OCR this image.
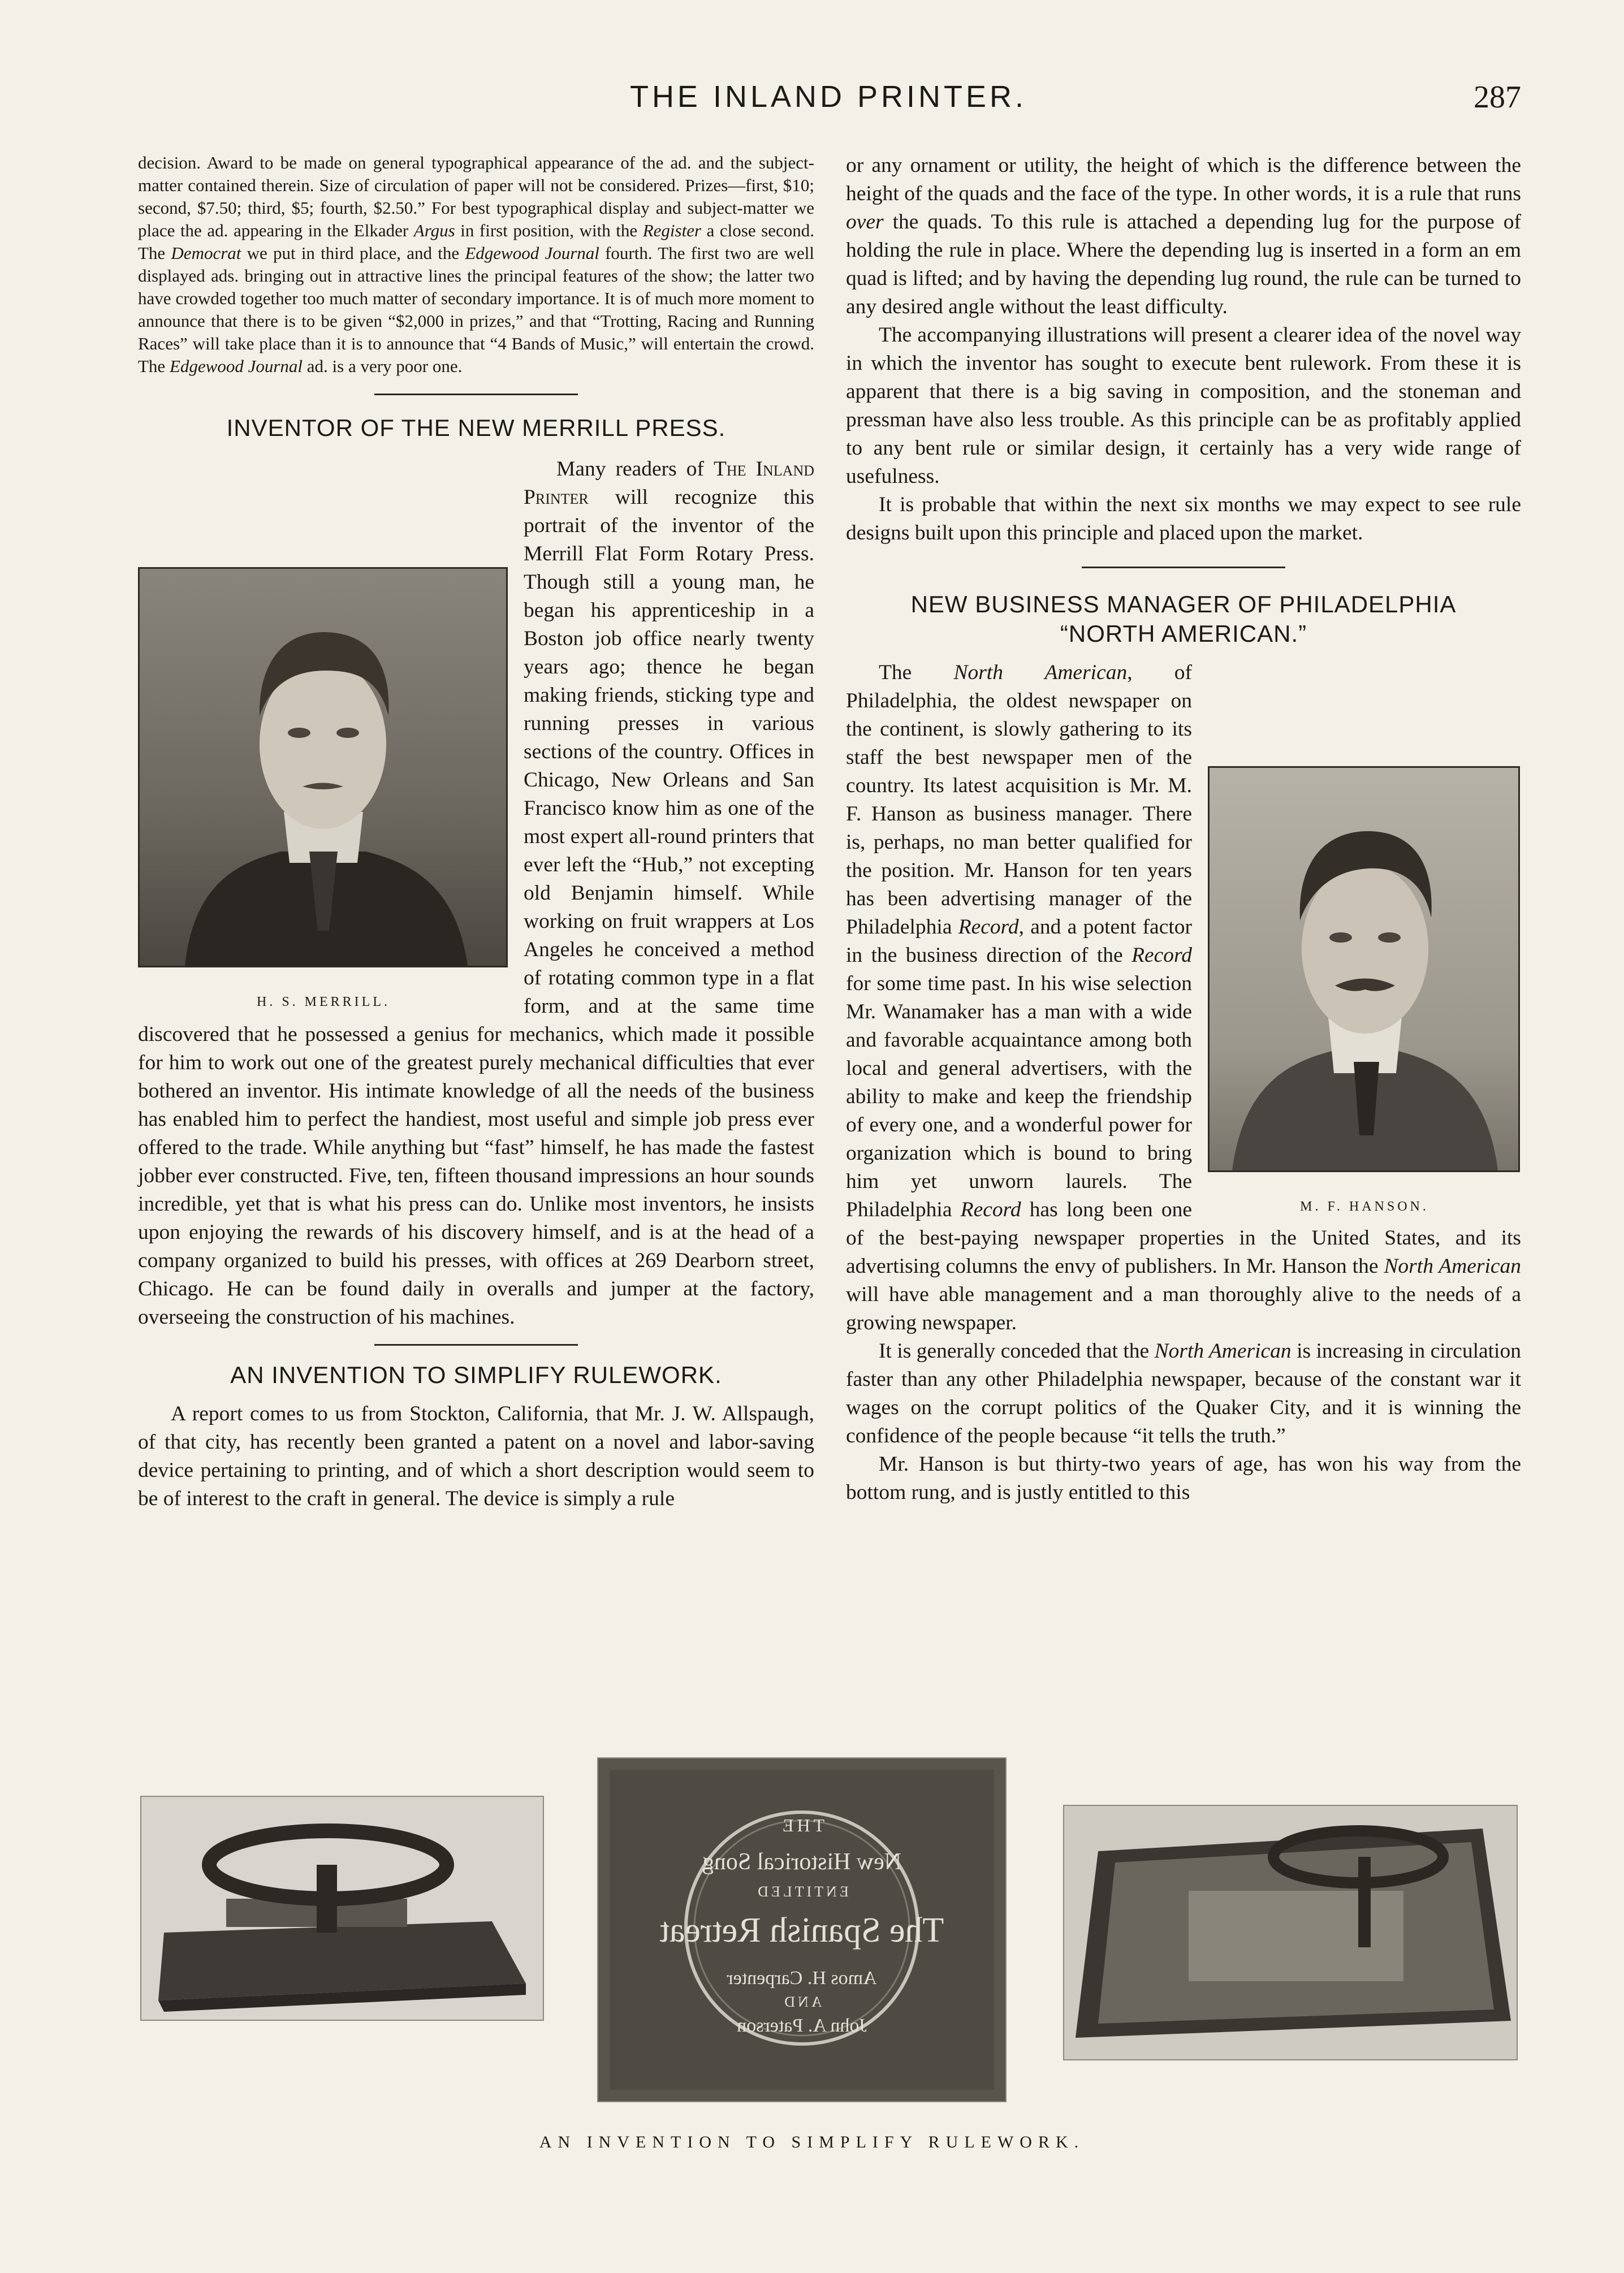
THE INLAND PRINTER.	287

decision. Award to be made on general typographical appearance of the ad. and the subject-matter contained therein. Size of circulation of paper will not be considered. Prizes—first, $10; second, $7.50; third, $5; fourth, $2.50.” For best typographical display and subject-matter we place the ad. appearing in the Elkader Argus in first position, with the Register a close second. The Democrat we put in third place, and the Edgewood Journal fourth. The first two are well displayed ads. bringing out in attractive lines the principal features of the show; the latter two have crowded together too much matter of secondary importance. It is of much more moment to announce that there is to be given “$2,000 in prizes,” and that “Trotting, Racing and Running Races” will take place than it is to announce that “4 Bands of Music,” will entertain the crowd. The Edgewood Journal ad. is a very poor one.

INVENTOR OF THE NEW MERRILL PRESS.
H. S. MERRILL.

Many readers of The Inland Printer will recognize this portrait of the inventor of the Merrill Flat Form Rotary Press. Though still a young man, he began his apprenticeship in a Boston job office nearly twenty years ago; thence he began making friends, sticking type and running presses in various sections of the country. Offices in Chicago, New Orleans and San Francisco know him as one of the most expert all-round printers that ever left the “Hub,” not excepting old Benjamin himself. While working on fruit wrappers at Los Angeles he conceived a method of rotating common type in a flat form, and at the same time discovered that he possessed a genius for mechanics, which made it possible for him to work out one of the greatest purely mechanical difficulties that ever bothered an inventor. His intimate knowledge of all the needs of the business has enabled him to perfect the handiest, most useful and simple job press ever offered to the trade. While anything but “fast” himself, he has made the fastest jobber ever constructed. Five, ten, fifteen thousand impressions an hour sounds incredible, yet that is what his press can do. Unlike most inventors, he insists upon enjoying the rewards of his discovery himself, and is at the head of a company organized to build his presses, with offices at 269 Dearborn street, Chicago. He can be found daily in overalls and jumper at the factory, overseeing the construction of his machines.

AN INVENTION TO SIMPLIFY RULEWORK.

A report comes to us from Stockton, California, that Mr. J. W. Allspaugh, of that city, has recently been granted a patent on a novel and labor-saving device pertaining to printing, and of which a short description would seem to be of interest to the craft in general. The device is simply a rule

or any ornament or utility, the height of which is the difference between the height of the quads and the face of the type. In other words, it is a rule that runs over the quads. To this rule is attached a depending lug for the purpose of holding the rule in place. Where the depending lug is inserted in a form an em quad is lifted; and by having the depending lug round, the rule can be turned to any desired angle without the least difficulty.

The accompanying illustrations will present a clearer idea of the novel way in which the inventor has sought to execute bent rulework. From these it is apparent that there is a big saving in composition, and the stoneman and pressman have also less trouble. As this principle can be as profitably applied to any bent rule or similar design, it certainly has a very wide range of usefulness.

It is probable that within the next six months we may expect to see rule designs built upon this principle and placed upon the market.

NEW BUSINESS MANAGER OF PHILADELPHIA
“NORTH AMERICAN.”
M. F. HANSON.

The North American, of Philadelphia, the oldest newspaper on the continent, is slowly gathering to its staff the best newspaper men of the country. Its latest acquisition is Mr. M. F. Hanson as business manager. There is, perhaps, no man better qualified for the position. Mr. Hanson for ten years has been advertising manager of the Philadelphia Record, and a potent factor in the business direction of the Record for some time past. In his wise selection Mr. Wanamaker has a man with a wide and favorable acquaintance among both local and general advertisers, with the ability to make and keep the friendship of every one, and a wonderful power for organization which is bound to bring him yet unworn laurels. The Philadelphia Record has long been one of the best-paying newspaper properties in the United States, and its advertising columns the envy of publishers. In Mr. Hanson the North American will have able management and a man thoroughly alive to the needs of a growing newspaper.

It is generally conceded that the North American is increasing in circulation faster than any other Philadelphia newspaper, because of the constant war it wages on the corrupt politics of the Quaker City, and it is winning the confidence of the people because “it tells the truth.”

Mr. Hanson is but thirty-two years of age, has won his way from the bottom rung, and is justly entitled to this

THE
New Historical Song
ENTITLED
The Spanish Retreat
Amos H. Carpenter
AND
John A. Paterson
AN INVENTION TO SIMPLIFY RULEWORK.
